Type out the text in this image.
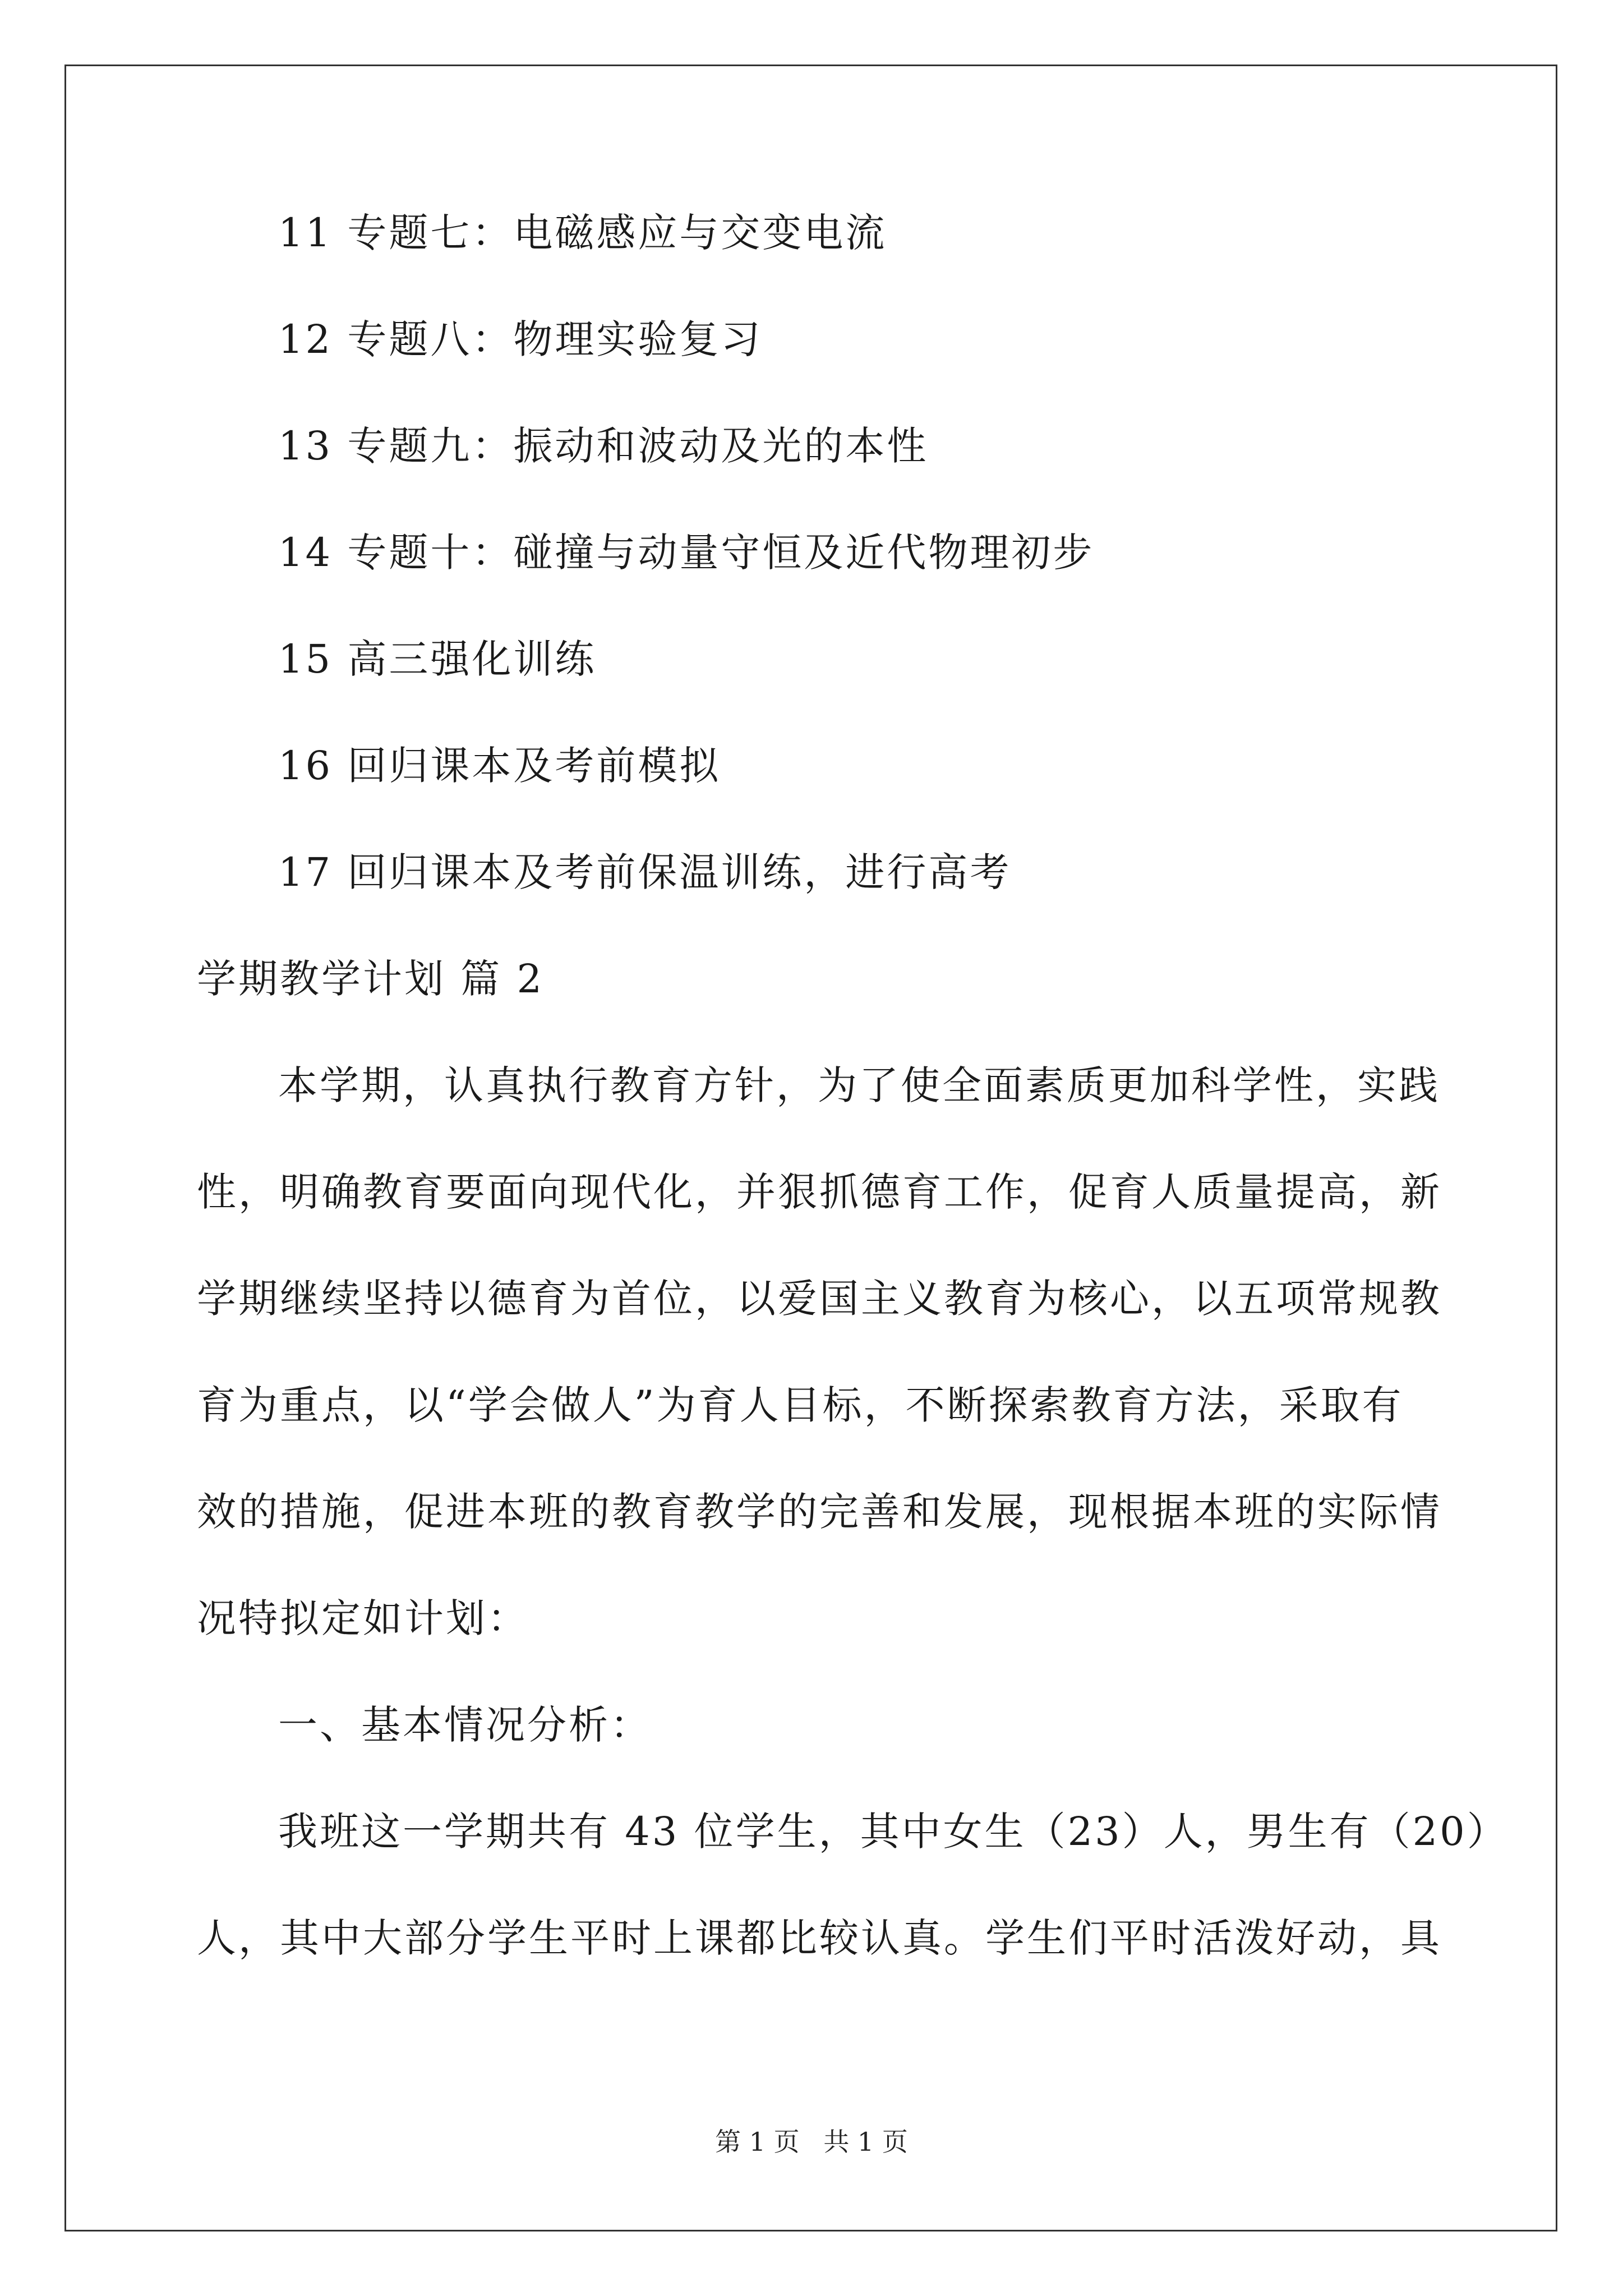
11 专题七：电磁感应与交变电流

12 专题八：物理实验复习

13 专题九：振动和波动及光的本性

14 专题十：碰撞与动量守恒及近代物理初步

15 高三强化训练

16 回归课本及考前模拟

17 回归课本及考前保温训练，进行高考

学期教学计划 篇 2

本学期，认真执行教育方针，为了使全面素质更加科学性，实践

性，明确教育要面向现代化，并狠抓德育工作，促育人质量提高，新

学期继续坚持以德育为首位，以爱国主义教育为核心，以五项常规教

育为重点，以“学会做人”为育人目标，不断探索教育方法，采取有

效的措施，促进本班的教育教学的完善和发展，现根据本班的实际情

况特拟定如计划：

一、基本情况分析：

我班这一学期共有 43 位学生，其中女生（23）人，男生有（20）

人，其中大部分学生平时上课都比较认真。学生们平时活泼好动，具

第 1 页 共 1 页
